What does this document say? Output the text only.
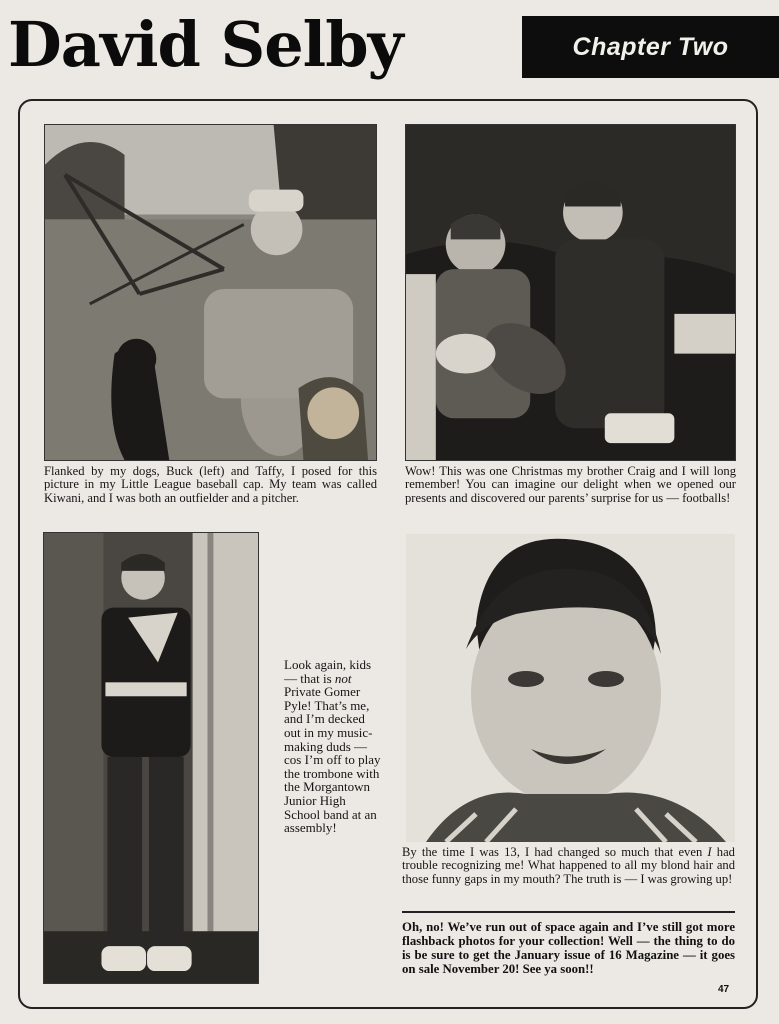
David Selby	Chapter Two
Flanked by my dogs, Buck (left) and Taffy, I posed for this picture in my Little League baseball cap. My team was called Kiwani, and I was both an outfielder and a pitcher.
Wow! This was one Christmas my brother Craig and I will long remember! You can imagine our delight when we opened our presents and discovered our parents’ surprise for us — footballs!
Look again, kids — that is not Private Gomer Pyle! That’s me, and I’m decked out in my music-making duds — cos I’m off to play the trombone with the Morgantown Junior High School band at an assembly!
By the time I was 13, I had changed so much that even I had trouble recognizing me! What happened to all my blond hair and those funny gaps in my mouth? The truth is — I was growing up!
Oh, no! We’ve run out of space again and I’ve still got more flashback photos for your collection! Well — the thing to do is be sure to get the January issue of 16 Magazine — it goes on sale November 20! See ya soon!!
47
